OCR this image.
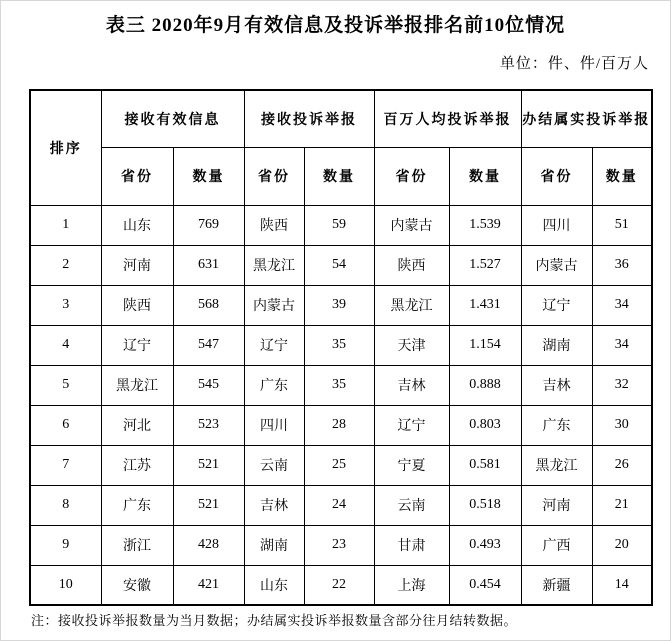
表三 2020年9月有效信息及投诉举报排名前10位情况
单位：件、件/百万人
排序	接收有效信息		接收投诉举报		百万人均投诉举报		办结属实投诉举报	
	省份	数量	省份	数量	省份	数量	省份	数量
1	山东	769	陕西	59	内蒙古	1.539	四川	51
2	河南	631	黑龙江	54	陕西	1.527	内蒙古	36
3	陕西	568	内蒙古	39	黑龙江	1.431	辽宁	34
4	辽宁	547	辽宁	35	天津	1.154	湖南	34
5	黑龙江	545	广东	35	吉林	0.888	吉林	32
6	河北	523	四川	28	辽宁	0.803	广东	30
7	江苏	521	云南	25	宁夏	0.581	黑龙江	26
8	广东	521	吉林	24	云南	0.518	河南	21
9	浙江	428	湖南	23	甘肃	0.493	广西	20
10	安徽	421	山东	22	上海	0.454	新疆	14
注：接收投诉举报数量为当月数据；办结属实投诉举报数量含部分往月结转数据。
